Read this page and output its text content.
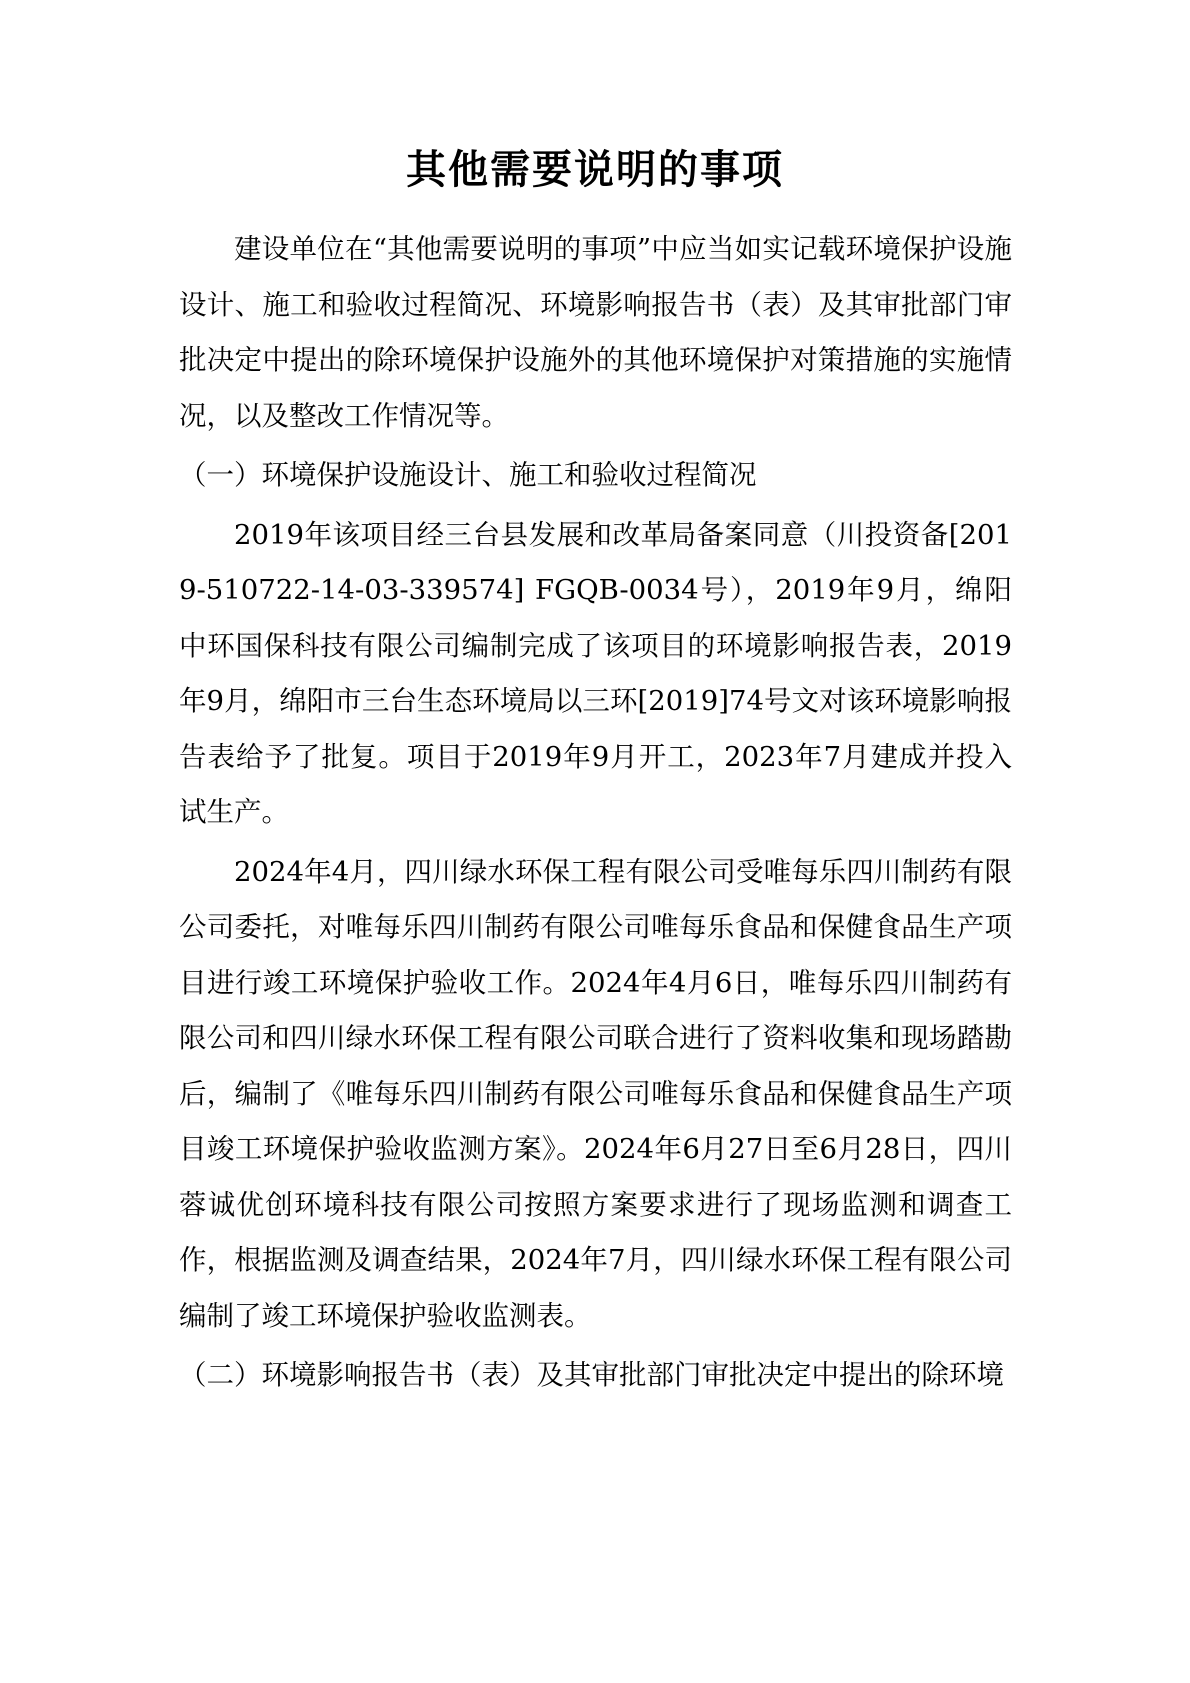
其他需要说明的事项

建设单位在“其他需要说明的事项”中应当如实记载环境保护设施设计、施工和验收过程简况、环境影响报告书（表）及其审批部门审批决定中提出的除环境保护设施外的其他环境保护对策措施的实施情况，以及整改工作情况等。

（一）环境保护设施设计、施工和验收过程简况

2019年该项目经三台县发展和改革局备案同意（川投资备[2019-510722-14-03-339574] FGQB-0034号），2019年9月，绵阳中环国保科技有限公司编制完成了该项目的环境影响报告表，2019年9月，绵阳市三台生态环境局以三环[2019]74号文对该环境影响报告表给予了批复。项目于2019年9月开工，2023年7月建成并投入试生产。

2024年4月，四川绿水环保工程有限公司受唯每乐四川制药有限公司委托，对唯每乐四川制药有限公司唯每乐食品和保健食品生产项目进行竣工环境保护验收工作。2024年4月6日，唯每乐四川制药有限公司和四川绿水环保工程有限公司联合进行了资料收集和现场踏勘后，编制了《唯每乐四川制药有限公司唯每乐食品和保健食品生产项目竣工环境保护验收监测方案》。2024年6月27日至6月28日，四川蓉诚优创环境科技有限公司按照方案要求进行了现场监测和调查工作，根据监测及调查结果，2024年7月，四川绿水环保工程有限公司编制了竣工环境保护验收监测表。

（二）环境影响报告书（表）及其审批部门审批决定中提出的除环境
